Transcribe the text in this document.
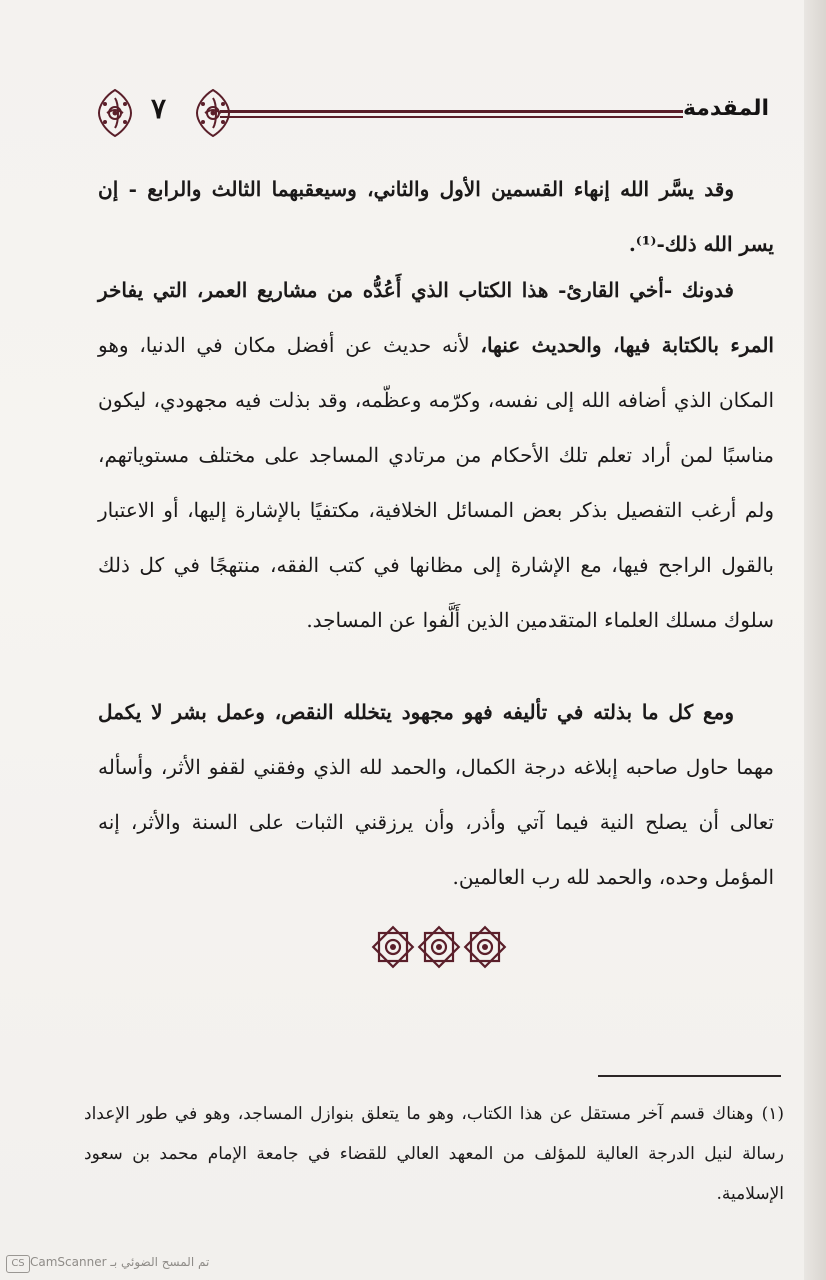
٧	المقدمة
وقد يسَّر الله إنهاء القسمين الأول والثاني، وسيعقبهما الثالث والرابع - إن يسر الله ذلك-⁽¹⁾.
فدونك -أخي القارئ- هذا الكتاب الذي أَعُدُّه من مشاريع العمر، التي يفاخر المرء بالكتابة فيها، والحديث عنها، لأنه حديث عن أفضل مكان في الدنيا، وهو المكان الذي أضافه الله إلى نفسه، وكرّمه وعظّمه، وقد بذلت فيه مجهودي، ليكون مناسبًا لمن أراد تعلم تلك الأحكام من مرتادي المساجد على مختلف مستوياتهم، ولم أرغب التفصيل بذكر بعض المسائل الخلافية، مكتفيًا بالإشارة إليها، أو الاعتبار بالقول الراجح فيها، مع الإشارة إلى مظانها في كتب الفقه، منتهجًا في كل ذلك سلوك مسلك العلماء المتقدمين الذين أَلَّفوا عن المساجد.
ومع كل ما بذلته في تأليفه فهو مجهود يتخلله النقص، وعمل بشر لا يكمل مهما حاول صاحبه إبلاغه درجة الكمال، والحمد لله الذي وفقني لقفو الأثر، وأسأله تعالى أن يصلح النية فيما آتي وأذر، وأن يرزقني الثبات على السنة والأثر، إنه المؤمل وحده، والحمد لله رب العالمين.
(١)وهناك قسم آخر مستقل عن هذا الكتاب، وهو ما يتعلق بنوازل المساجد، وهو في طور الإعداد رسالة لنيل الدرجة العالية للمؤلف من المعهد العالي للقضاء في جامعة الإمام محمد بن سعود الإسلامية.
تم المسح الضوئي بـ CamScanner
CS
